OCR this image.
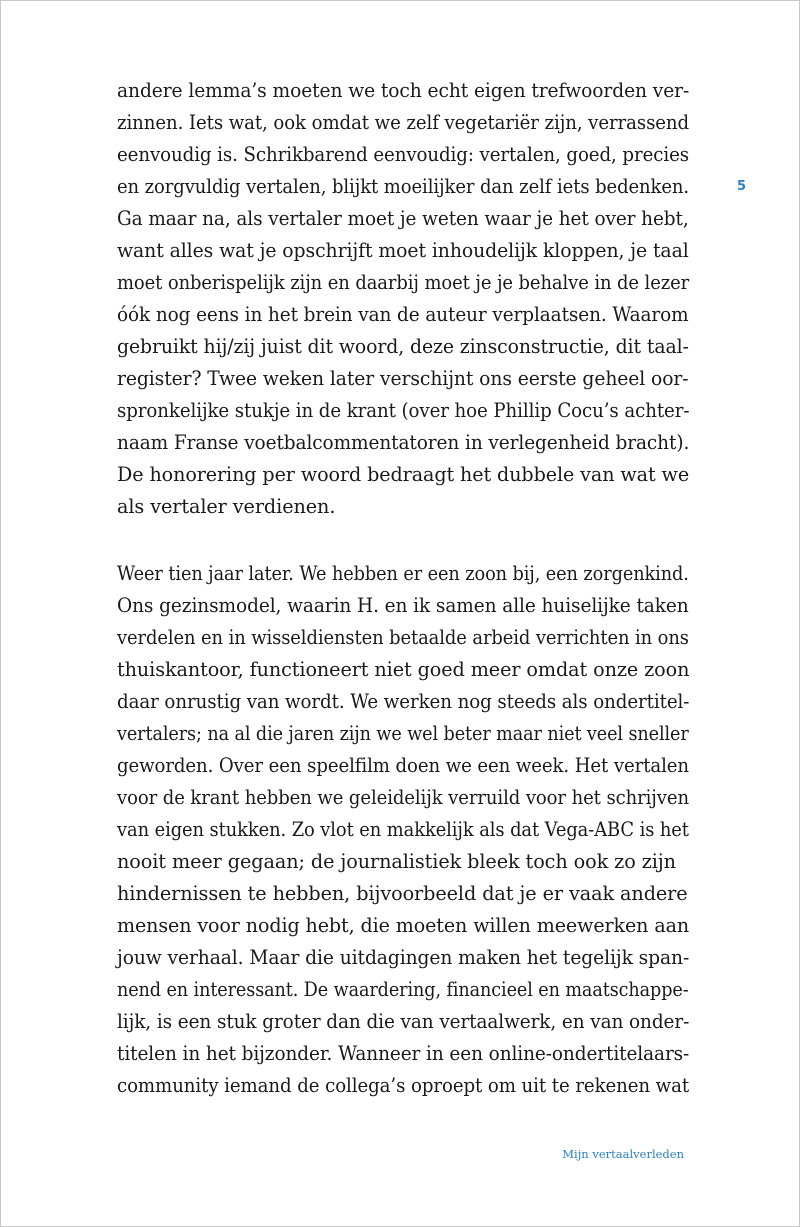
andere lemma’s moeten we toch echt eigen trefwoorden ver-
zinnen. Iets wat, ook omdat we zelf vegetariër zijn, verrassend
eenvoudig is. Schrikbarend eenvoudig: vertalen, goed, precies
en zorgvuldig vertalen, blijkt moeilijker dan zelf iets bedenken.
Ga maar na, als vertaler moet je weten waar je het over hebt,
want alles wat je opschrijft moet inhoudelijk kloppen, je taal
moet onberispelijk zijn en daarbij moet je je behalve in de lezer
óók nog eens in het brein van de auteur verplaatsen. Waarom
gebruikt hij/zij juist dit woord, deze zinsconstructie, dit taal-
register? Twee weken later verschijnt ons eerste geheel oor-
spronkelijke stukje in de krant (over hoe Phillip Cocu’s achter-
naam Franse voetbalcommentatoren in verlegenheid bracht).
De honorering per woord bedraagt het dubbele van wat we
als vertaler verdienen.
5
Weer tien jaar later. We hebben er een zoon bij, een zorgenkind.
Ons gezinsmodel, waarin H. en ik samen alle huiselijke taken
verdelen en in wisseldiensten betaalde arbeid verrichten in ons
thuiskantoor, functioneert niet goed meer omdat onze zoon
daar onrustig van wordt. We werken nog steeds als ondertitel-
vertalers; na al die jaren zijn we wel beter maar niet veel sneller
geworden. Over een speelfilm doen we een week. Het vertalen
voor de krant hebben we geleidelijk verruild voor het schrijven
van eigen stukken. Zo vlot en makkelijk als dat Vega-ABC is het
nooit meer gegaan; de journalistiek bleek toch ook zo zijn
hindernissen te hebben, bijvoorbeeld dat je er vaak andere
mensen voor nodig hebt, die moeten willen meewerken aan
jouw verhaal. Maar die uitdagingen maken het tegelijk span-
nend en interessant. De waardering, financieel en maatschappe-
lijk, is een stuk groter dan die van vertaalwerk, en van onder-
titelen in het bijzonder. Wanneer in een online-ondertitelaars-
community iemand de collega’s oproept om uit te rekenen wat
Mijn vertaalverleden
